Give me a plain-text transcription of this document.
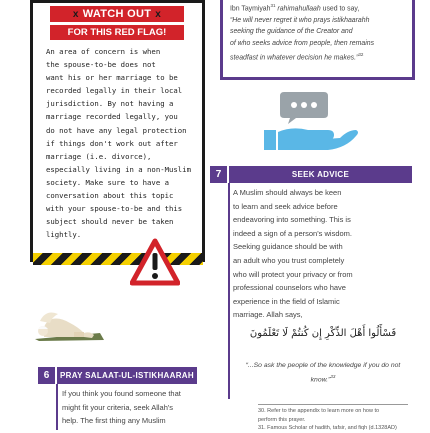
x WATCH OUT x
FOR THIS RED FLAG!
An area of concern is when
the spouse-to-be does not
want his or her marriage to be
recorded legally in their local
jurisdiction. By not having a
marriage recorded legally, you
do not have any legal protection
if things don't work out after
marriage (i.e. divorce),
especially living in a non-Muslim
society. Make sure to have a
conversation about this topic
with your spouse-to-be and this
subject should never be taken
lightly.
6	PRAY SALAAT-UL-ISTIKHAARAH
If you think you found someone that
might fit your criteria, seek Allah's
help. The first thing any Muslim
Ibn Taymiyah$^{31}$ rahimahullaah used to say,
“He will never regret it who prays istikhaarahh
seeking the guidance of the Creator and
of who seeks advice from people, then remains
steadfast in whatever decision he makes.”$^{32}$
7	SEEK ADVICE
A Muslim should always be keen
to learn and seek advice before
endeavoring into something. This is
indeed a sign of a person's wisdom.
Seeking guidance should be with
an adult who you trust completely
who will protect your privacy or from
professional counselors who have
experience in the field of Islamic
marriage. Allah says,
فَسْأَلُوا أَهْلَ الذِّكْرِ إِن كُنتُمْ لَا تَعْلَمُونَ
“...So ask the people of the knowledge if you do not know.”$^{33}$
30. Refer to the appendix to learn more on how to
perform this prayer.
31. Famous Scholar of hadith, tafsir, and fiqh (d.1328AD)
